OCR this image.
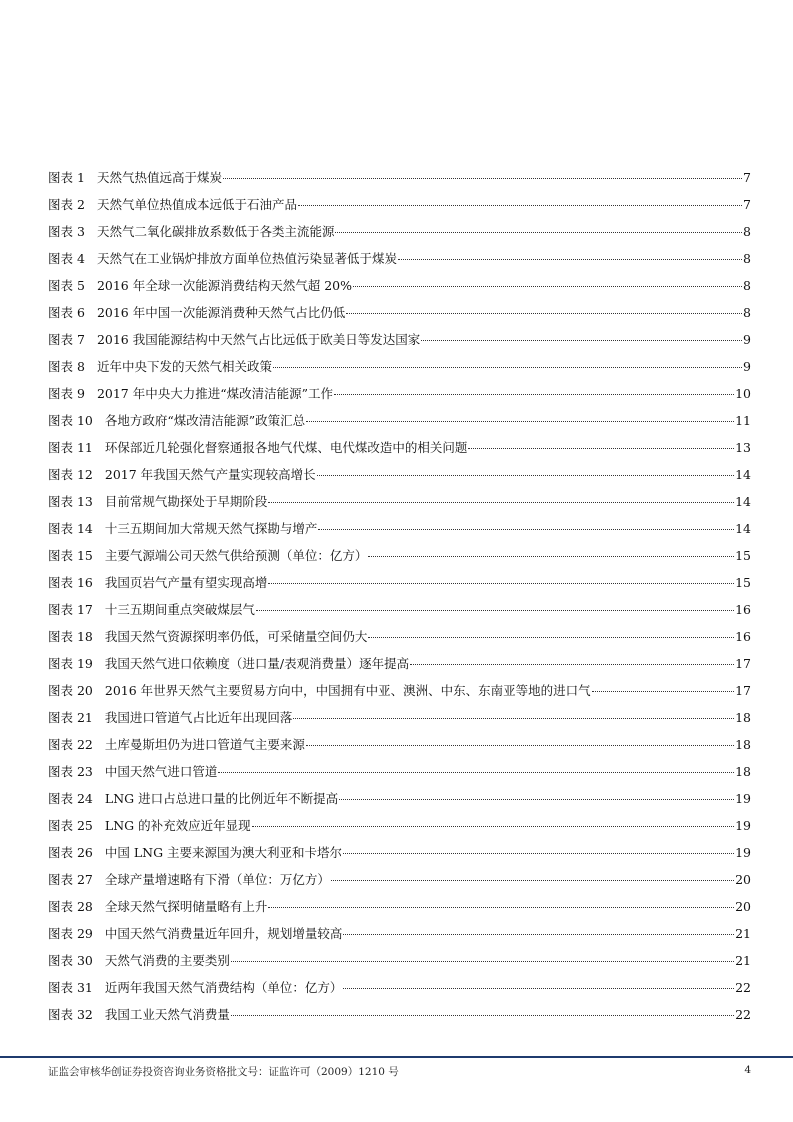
图表 1 天然气热值远高于煤炭	7
图表 2 天然气单位热值成本远低于石油产品	7
图表 3 天然气二氧化碳排放系数低于各类主流能源	8
图表 4 天然气在工业锅炉排放方面单位热值污染显著低于煤炭	8
图表 5 2016 年全球一次能源消费结构天然气超 20%	8
图表 6 2016 年中国一次能源消费种天然气占比仍低	8
图表 7 2016 我国能源结构中天然气占比远低于欧美日等发达国家	9
图表 8 近年中央下发的天然气相关政策	9
图表 9 2017 年中央大力推进“煤改清洁能源”工作	10
图表 10 各地方政府“煤改清洁能源”政策汇总	11
图表 11 环保部近几轮强化督察通报各地气代煤、电代煤改造中的相关问题	13
图表 12 2017 年我国天然气产量实现较高增长	14
图表 13 目前常规气勘探处于早期阶段	14
图表 14 十三五期间加大常规天然气探勘与增产	14
图表 15 主要气源端公司天然气供给预测（单位：亿方）	15
图表 16 我国页岩气产量有望实现高增	15
图表 17 十三五期间重点突破煤层气	16
图表 18 我国天然气资源探明率仍低，可采储量空间仍大	16
图表 19 我国天然气进口依赖度（进口量/表观消费量）逐年提高	17
图表 20 2016 年世界天然气主要贸易方向中，中国拥有中亚、澳洲、中东、东南亚等地的进口气	17
图表 21 我国进口管道气占比近年出现回落	18
图表 22 土库曼斯坦仍为进口管道气主要来源	18
图表 23 中国天然气进口管道	18
图表 24 LNG 进口占总进口量的比例近年不断提高	19
图表 25 LNG 的补充效应近年显现	19
图表 26 中国 LNG 主要来源国为澳大利亚和卡塔尔	19
图表 27 全球产量增速略有下滑（单位：万亿方）	20
图表 28 全球天然气探明储量略有上升	20
图表 29 中国天然气消费量近年回升，规划增量较高	21
图表 30 天然气消费的主要类别	21
图表 31 近两年我国天然气消费结构（单位：亿方）	22
图表 32 我国工业天然气消费量	22
证监会审核华创证券投资咨询业务资格批文号：证监许可（2009）1210 号	4
